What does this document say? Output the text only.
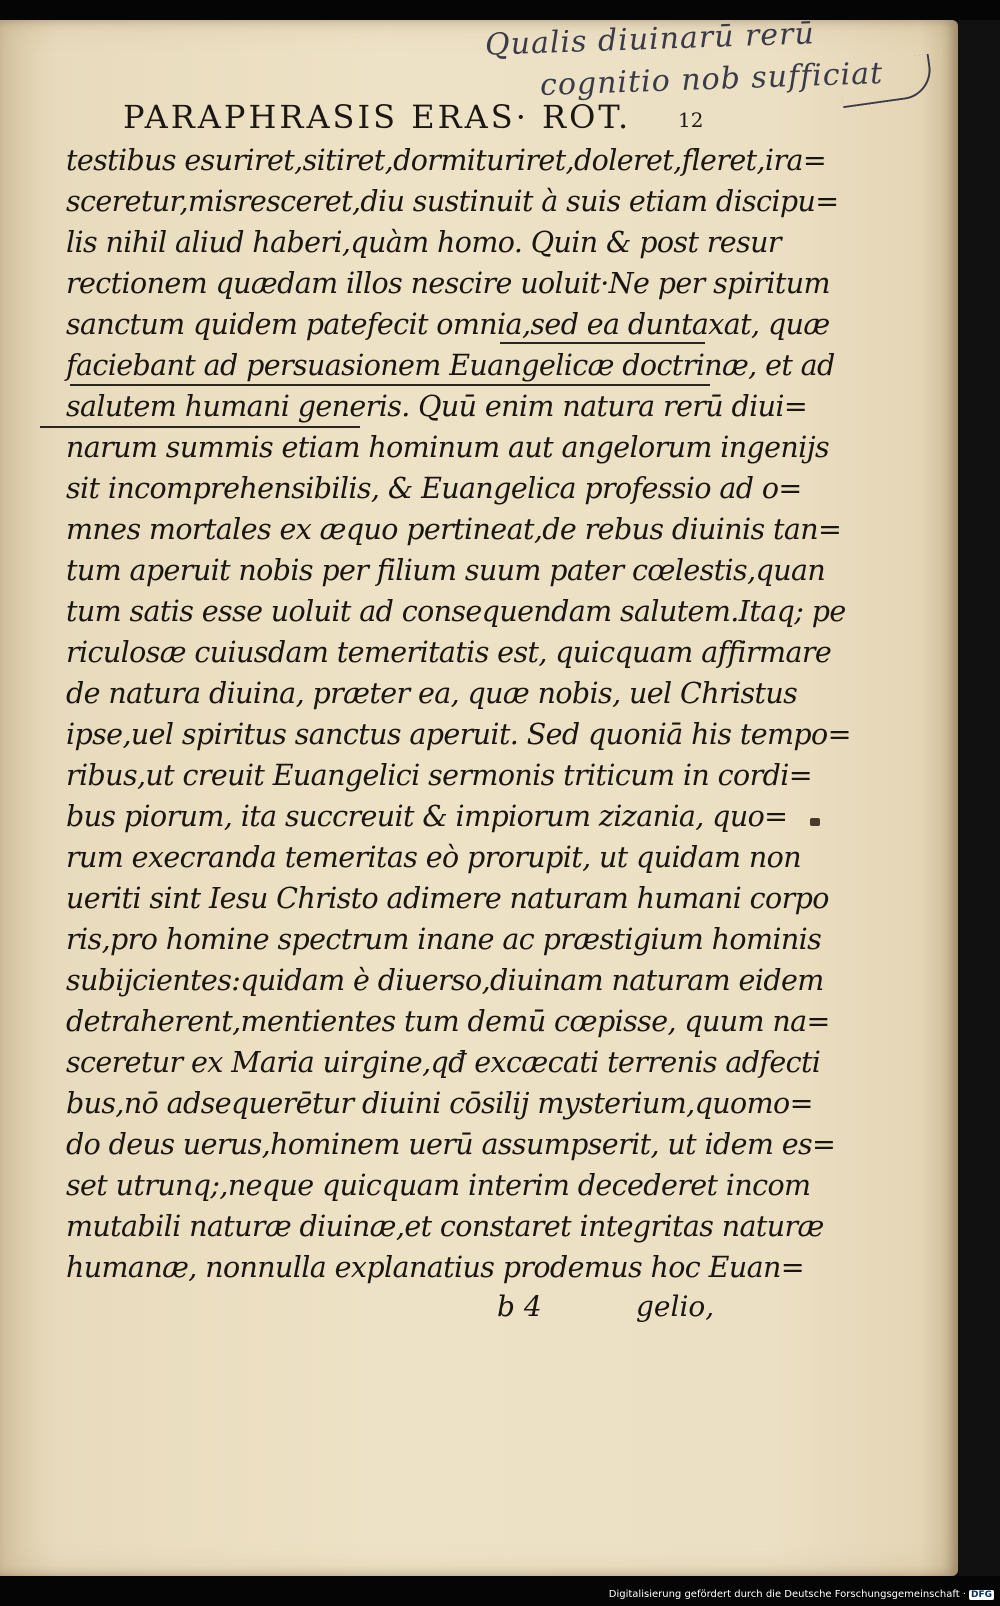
Qualis diuinarū rerū
cognitio nob sufficiat
PARAPHRASIS ERAS· ROT. 12
testibus esuriret,sitiret,dormituriret,doleret,fleret,ira=
sceretur,misresceret,diu sustinuit à suis etiam discipu=
lis nihil aliud haberi,quàm homo. Quin & post resur
rectionem quædam illos nescire uoluit·Ne per spiritum
sanctum quidem patefecit omnia,sed ea duntaxat, quæ
faciebant ad persuasionem Euangelicæ doctrinæ, et ad
salutem humani generis. Quū enim natura rerū diui=
narum summis etiam hominum aut angelorum ingenijs
sit incomprehensibilis, & Euangelica professio ad o=
mnes mortales ex æquo pertineat,de rebus diuinis tan=
tum aperuit nobis per filium suum pater cœlestis,quan
tum satis esse uoluit ad consequendam salutem.Itaq; pe
riculosæ cuiusdam temeritatis est, quicquam affirmare
de natura diuina, præter ea, quæ nobis, uel Christus
ipse,uel spiritus sanctus aperuit. Sed quoniā his tempo=
ribus,ut creuit Euangelici sermonis triticum in cordi=
bus piorum, ita succreuit & impiorum zizania, quo=
rum execranda temeritas eò prorupit, ut quidam non
ueriti sint Iesu Christo adimere naturam humani corpo
ris,pro homine spectrum inane ac præstigium hominis
subijcientes:quidam è diuerso,diuinam naturam eidem
detraherent,mentientes tum demū cœpisse, quum na=
sceretur ex Maria uirgine,qđ excæcati terrenis adfecti
bus,nō adsequerētur diuini cōsilij mysterium,quomo=
do deus uerus,hominem uerū assumpserit, ut idem es=
set utrunq;,neque quicquam interim decederet incom
mutabili naturæ diuinæ,et constaret integritas naturæ
humanæ, nonnulla explanatius prodemus hoc Euan=
b 4	gelio,
Digitalisierung gefördert durch die Deutsche Forschungsgemeinschaft · DFG
